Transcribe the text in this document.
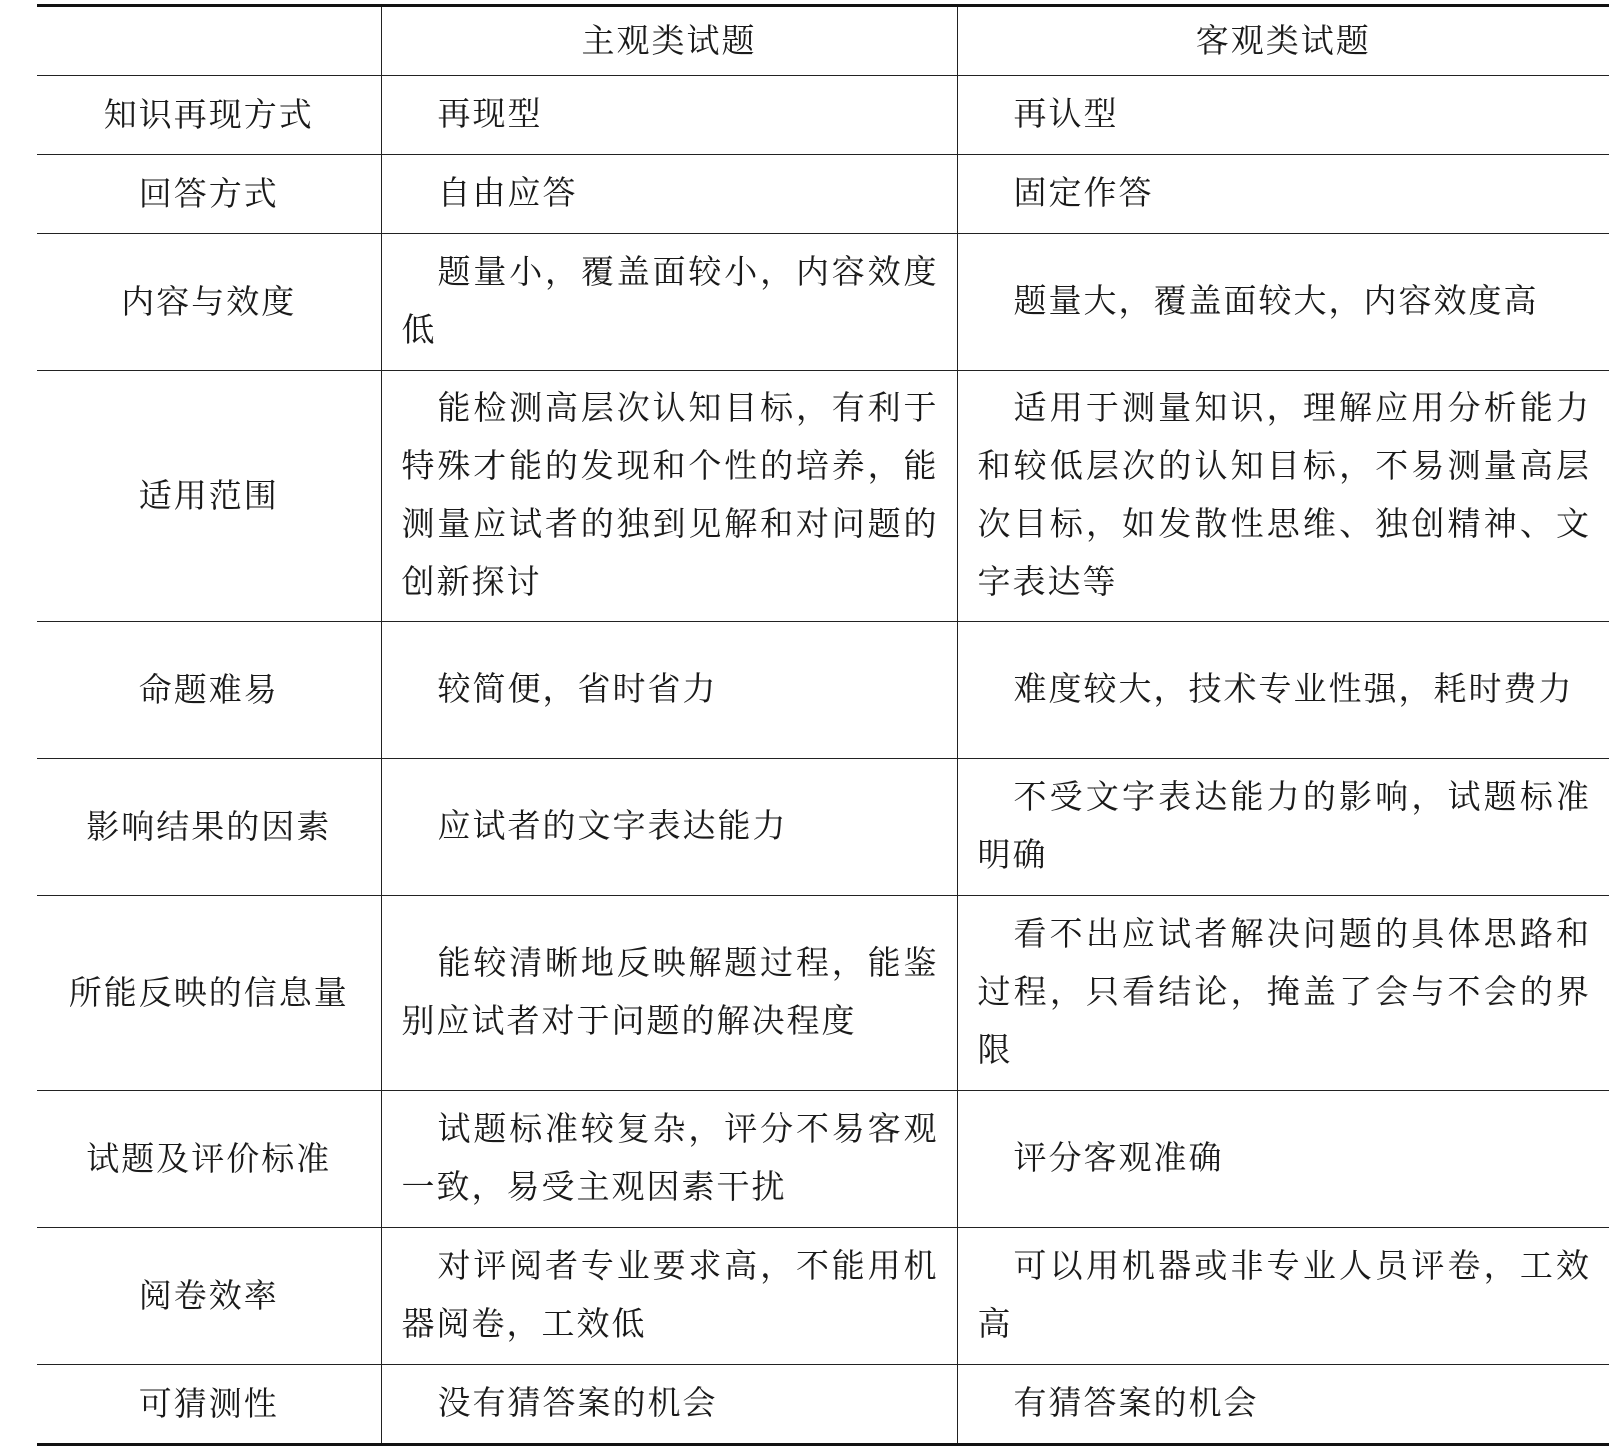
	主观类试题	客观类试题
知识再现方式	再现型	再认型
回答方式	自由应答	固定作答
内容与效度	题量小，覆盖面较小，内容效度低	题量大，覆盖面较大，内容效度高
适用范围	能检测高层次认知目标，有利于特殊才能的发现和个性的培养，能测量应试者的独到见解和对问题的创新探讨	适用于测量知识，理解应用分析能力和较低层次的认知目标，不易测量高层次目标，如发散性思维、独创精神、文字表达等
命题难易	较简便，省时省力	难度较大，技术专业性强，耗时费力
影响结果的因素	应试者的文字表达能力	不受文字表达能力的影响，试题标准明确
所能反映的信息量	能较清晰地反映解题过程，能鉴别应试者对于问题的解决程度	看不出应试者解决问题的具体思路和过程，只看结论，掩盖了会与不会的界限
试题及评价标准	试题标准较复杂，评分不易客观一致，易受主观因素干扰	评分客观准确
阅卷效率	对评阅者专业要求高，不能用机器阅卷，工效低	可以用机器或非专业人员评卷，工效高
可猜测性	没有猜答案的机会	有猜答案的机会
